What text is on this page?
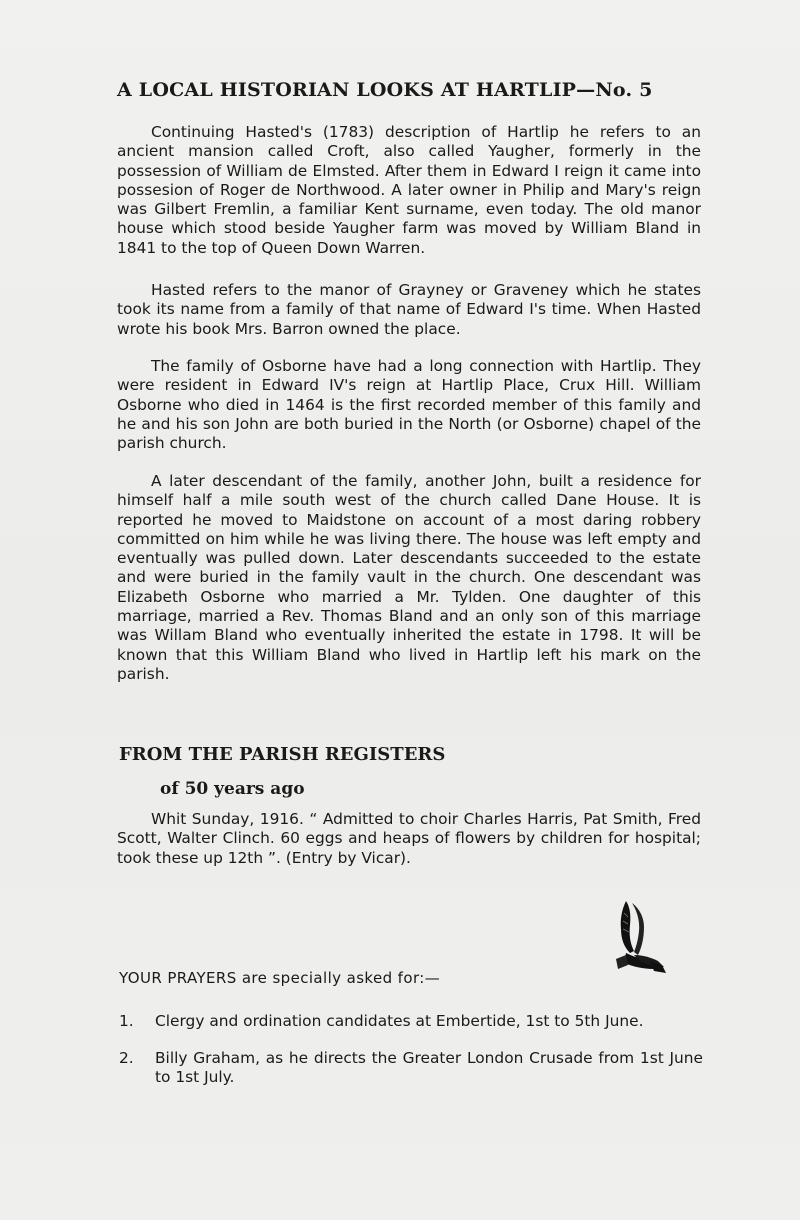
A LOCAL HISTORIAN LOOKS AT HARTLIP—No. 5

Continuing Hasted's (1783) description of Hartlip he refers to an ancient mansion called Croft, also called Yaugher, formerly in the possession of William de Elmsted. After them in Edward I reign it came into possesion of Roger de Northwood. A later owner in Philip and Mary's reign was Gilbert Fremlin, a familiar Kent surname, even today. The old manor house which stood beside Yaugher farm was moved by William Bland in 1841 to the top of Queen Down Warren.

Hasted refers to the manor of Grayney or Graveney which he states took its name from a family of that name of Edward I's time. When Hasted wrote his book Mrs. Barron owned the place.

The family of Osborne have had a long connection with Hartlip. They were resident in Edward IV's reign at Hartlip Place, Crux Hill. William Osborne who died in 1464 is the first recorded member of this family and he and his son John are both buried in the North (or Osborne) chapel of the parish church.

A later descendant of the family, another John, built a residence for himself half a mile south west of the church called Dane House. It is reported he moved to Maidstone on account of a most daring robbery committed on him while he was living there. The house was left empty and eventually was pulled down. Later descendants succeeded to the estate and were buried in the family vault in the church. One descendant was Elizabeth Osborne who married a Mr. Tylden. One daughter of this marriage, married a Rev. Thomas Bland and an only son of this marriage was Willam Bland who eventually inherited the estate in 1798. It will be known that this William Bland who lived in Hartlip left his mark on the parish.

FROM THE PARISH REGISTERS
of 50 years ago

Whit Sunday, 1916. “ Admitted to choir Charles Harris, Pat Smith, Fred Scott, Walter Clinch. 60 eggs and heaps of flowers by children for hospital; took these up 12th ”. (Entry by Vicar).

YOUR PRAYERS are specially asked for:—

1. Clergy and ordination candidates at Embertide, 1st to 5th June.

2. Billy Graham, as he directs the Greater London Crusade from 1st June to 1st July.
